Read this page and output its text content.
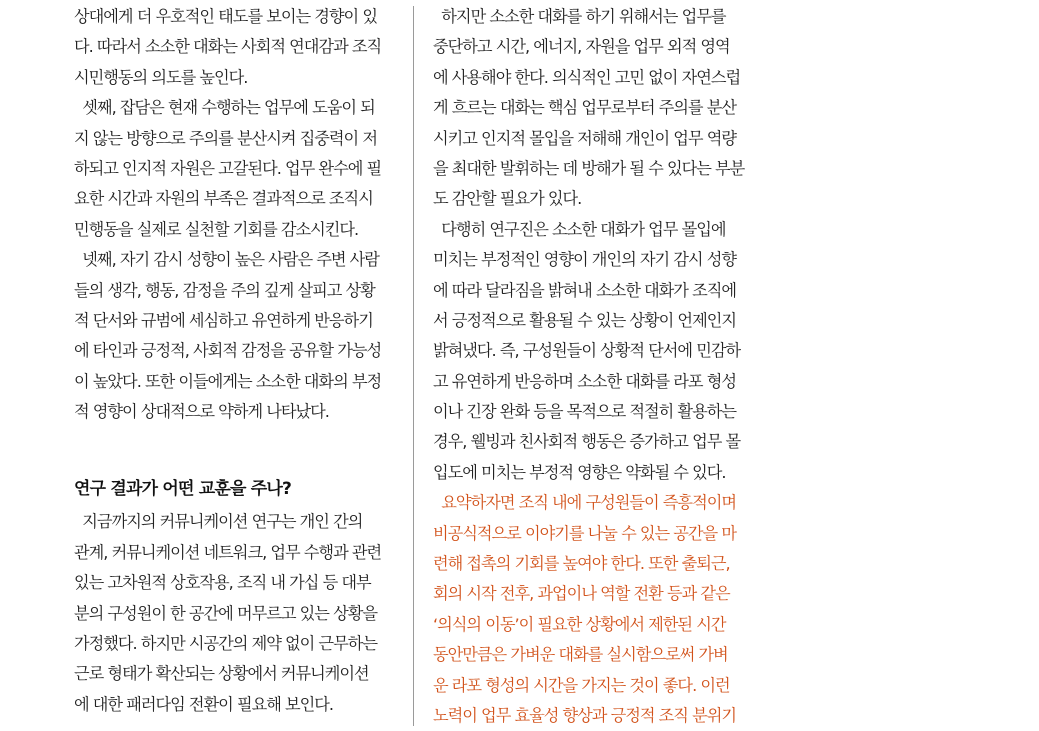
상대에게 더 우호적인 태도를 보이는 경향이 있
다. 따라서 소소한 대화는 사회적 연대감과 조직
시민행동의 의도를 높인다.
셋째, 잡담은 현재 수행하는 업무에 도움이 되
지 않는 방향으로 주의를 분산시켜 집중력이 저
하되고 인지적 자원은 고갈된다. 업무 완수에 필
요한 시간과 자원의 부족은 결과적으로 조직시
민행동을 실제로 실천할 기회를 감소시킨다.
넷째, 자기 감시 성향이 높은 사람은 주변 사람
들의 생각, 행동, 감정을 주의 깊게 살피고 상황
적 단서와 규범에 세심하고 유연하게 반응하기
에 타인과 긍정적, 사회적 감정을 공유할 가능성
이 높았다. 또한 이들에게는 소소한 대화의 부정
적 영향이 상대적으로 약하게 나타났다.
연구 결과가 어떤 교훈을 주나?
지금까지의 커뮤니케이션 연구는 개인 간의
관계, 커뮤니케이션 네트워크, 업무 수행과 관련
있는 고차원적 상호작용, 조직 내 가십 등 대부
분의 구성원이 한 공간에 머무르고 있는 상황을
가정했다. 하지만 시공간의 제약 없이 근무하는
근로 형태가 확산되는 상황에서 커뮤니케이션
에 대한 패러다임 전환이 필요해 보인다.
하지만 소소한 대화를 하기 위해서는 업무를
중단하고 시간, 에너지, 자원을 업무 외적 영역
에 사용해야 한다. 의식적인 고민 없이 자연스럽
게 흐르는 대화는 핵심 업무로부터 주의를 분산
시키고 인지적 몰입을 저해해 개인이 업무 역량
을 최대한 발휘하는 데 방해가 될 수 있다는 부분
도 감안할 필요가 있다.
다행히 연구진은 소소한 대화가 업무 몰입에
미치는 부정적인 영향이 개인의 자기 감시 성향
에 따라 달라짐을 밝혀내 소소한 대화가 조직에
서 긍정적으로 활용될 수 있는 상황이 언제인지
밝혀냈다. 즉, 구성원들이 상황적 단서에 민감하
고 유연하게 반응하며 소소한 대화를 라포 형성
이나 긴장 완화 등을 목적으로 적절히 활용하는
경우, 웰빙과 친사회적 행동은 증가하고 업무 몰
입도에 미치는 부정적 영향은 약화될 수 있다.
요약하자면 조직 내에 구성원들이 즉흥적이며
비공식적으로 이야기를 나눌 수 있는 공간을 마
련해 접촉의 기회를 높여야 한다. 또한 출퇴근,
회의 시작 전후, 과업이나 역할 전환 등과 같은
‘의식의 이동’이 필요한 상황에서 제한된 시간
동안만큼은 가벼운 대화를 실시함으로써 가벼
운 라포 형성의 시간을 가지는 것이 좋다. 이런
노력이 업무 효율성 향상과 긍정적 조직 분위기
